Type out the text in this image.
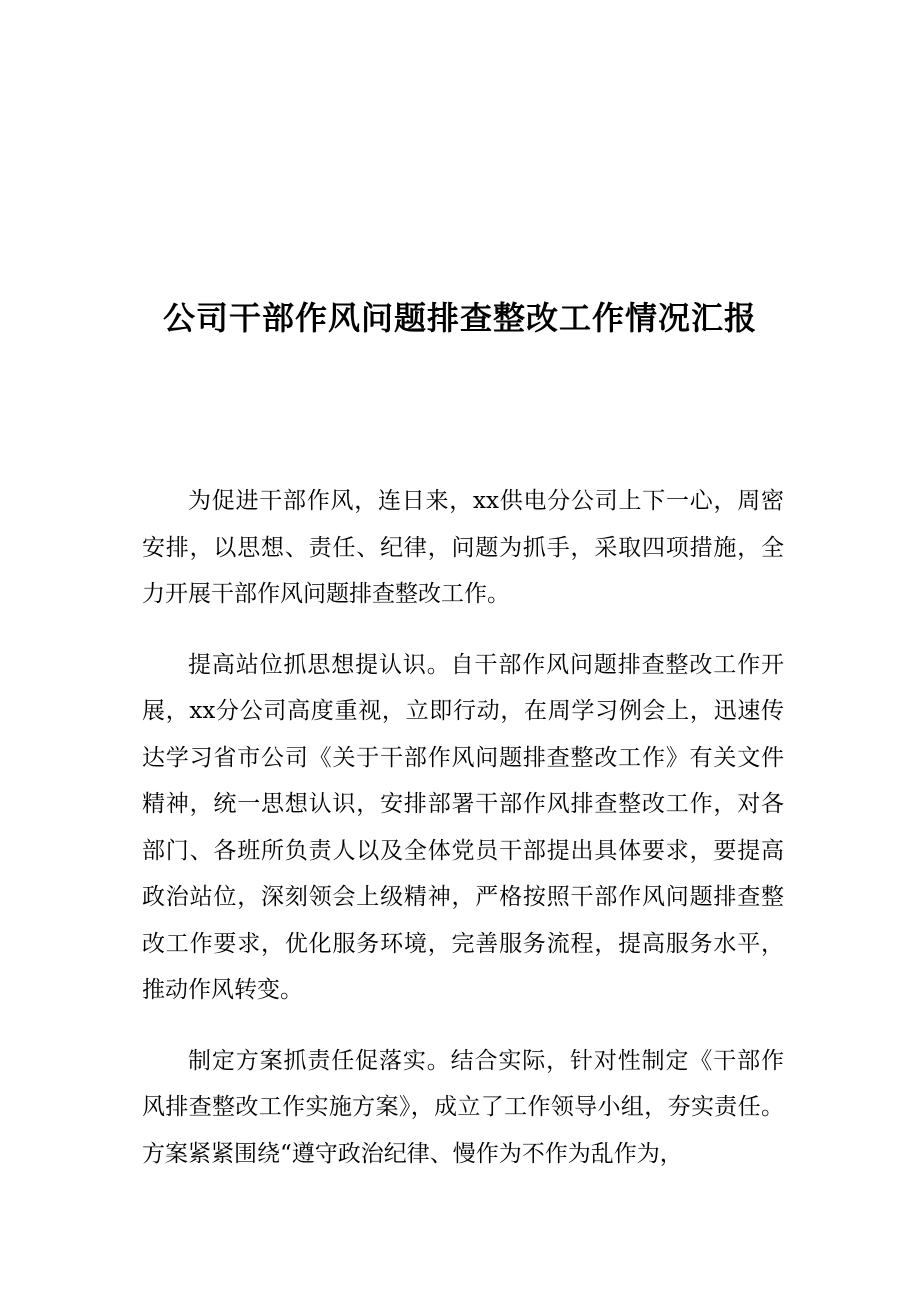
公司干部作风问题排查整改工作情况汇报

为促进干部作风，连日来，xx供电分公司上下一心，周密安排，以思想、责任、纪律，问题为抓手，采取四项措施，全力开展干部作风问题排查整改工作。

提高站位抓思想提认识。自干部作风问题排查整改工作开展，xx分公司高度重视，立即行动，在周学习例会上，迅速传达学习省市公司《关于干部作风问题排查整改工作》有关文件精神，统一思想认识，安排部署干部作风排查整改工作，对各部门、各班所负责人以及全体党员干部提出具体要求，要提高政治站位，深刻领会上级精神，严格按照干部作风问题排查整改工作要求，优化服务环境，完善服务流程，提高服务水平，推动作风转变。

制定方案抓责任促落实。结合实际，针对性制定《干部作风排查整改工作实施方案》，成立了工作领导小组，夯实责任。方案紧紧围绕“遵守政治纪律、慢作为不作为乱作为，
